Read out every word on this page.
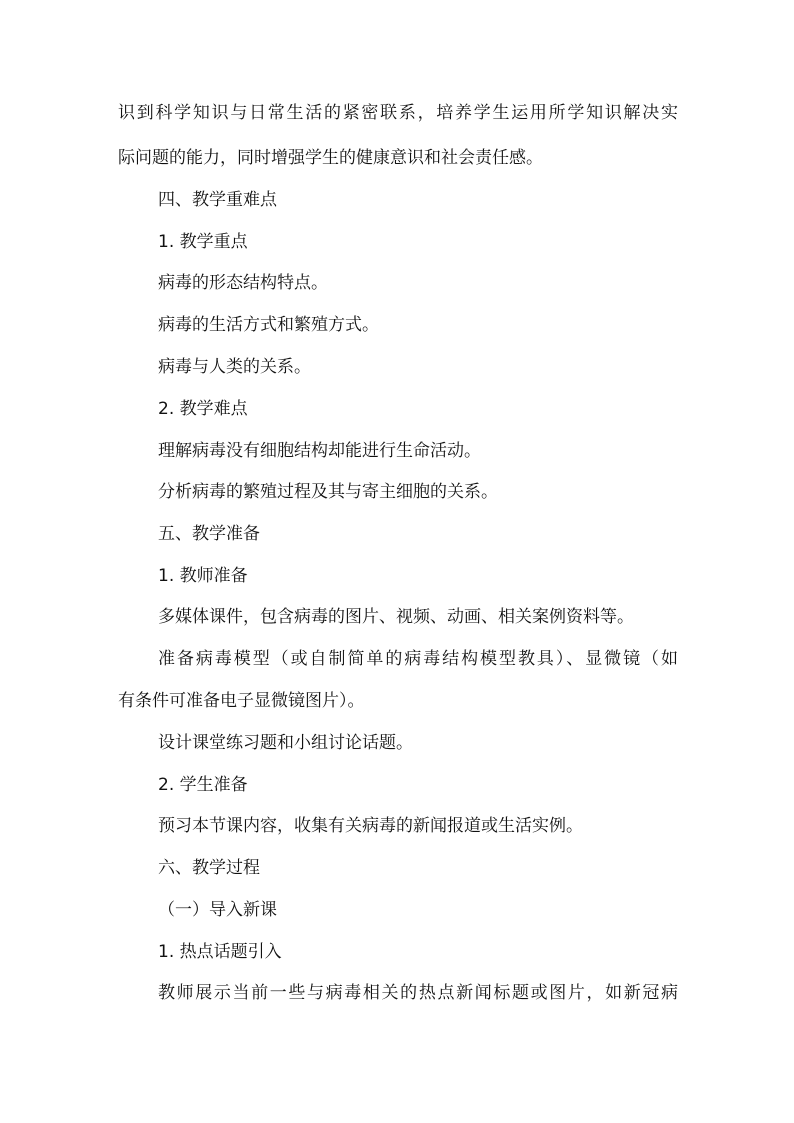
识到科学知识与日常生活的紧密联系，培养学生运用所学知识解决实
际问题的能力，同时增强学生的健康意识和社会责任感。
四、教学重难点
1. 教学重点
病毒的形态结构特点。
病毒的生活方式和繁殖方式。
病毒与人类的关系。
2. 教学难点
理解病毒没有细胞结构却能进行生命活动。
分析病毒的繁殖过程及其与寄主细胞的关系。
五、教学准备
1. 教师准备
多媒体课件，包含病毒的图片、视频、动画、相关案例资料等。
准备病毒模型（或自制简单的病毒结构模型教具）、显微镜（如
有条件可准备电子显微镜图片）。
设计课堂练习题和小组讨论话题。
2. 学生准备
预习本节课内容，收集有关病毒的新闻报道或生活实例。
六、教学过程
（一）导入新课
1. 热点话题引入
教师展示当前一些与病毒相关的热点新闻标题或图片，如新冠病
